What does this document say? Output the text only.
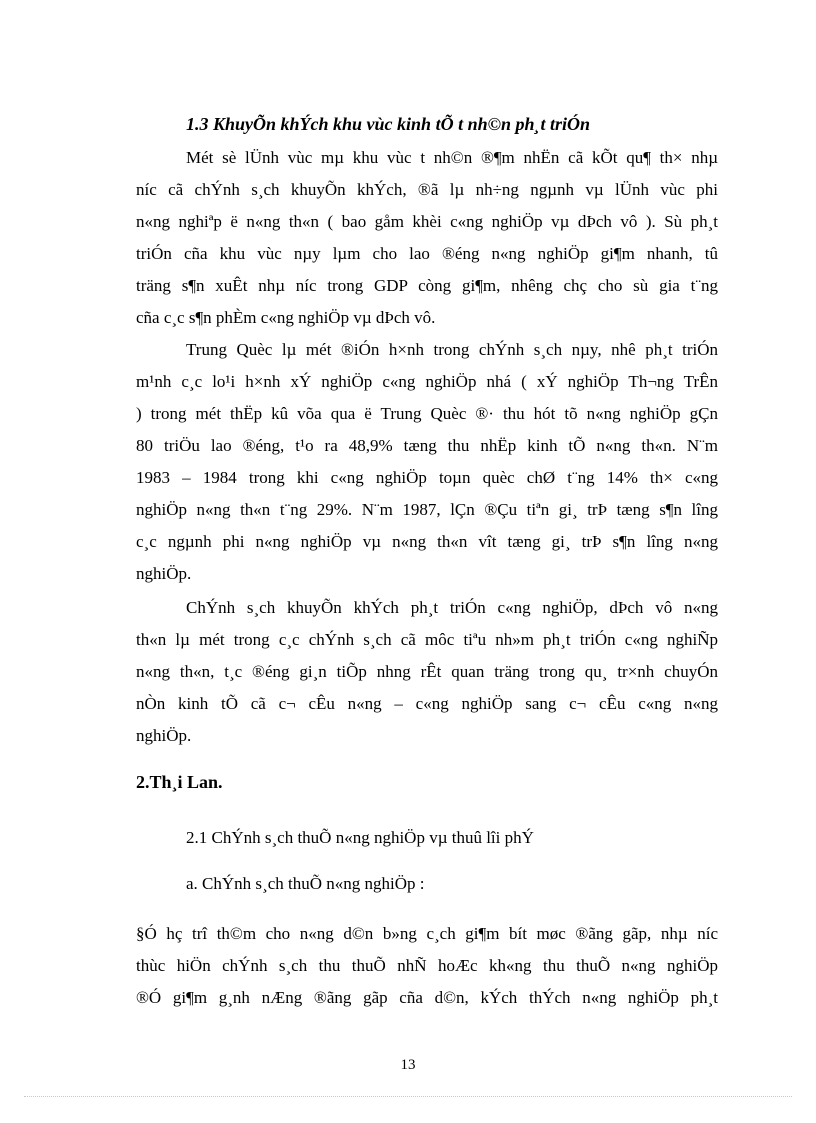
1.3 KhuyÕn khÝch khu vùc kinh tÕ t nh©n ph¸t triÓn
Mét sè lÜnh vùc mµ khu vùc t nh©n ®¶m nhËn cã kÕt qu¶ th× nhµ
níc cã chÝnh s¸ch khuyÕn khÝch, ®ã lµ nh÷ng ngµnh vµ lÜnh vùc phi
n«ng nghiªp ë n«ng th«n ( bao gåm khèi c«ng nghiÖp vµ dÞch vô ). Sù ph¸t
triÓn cña khu vùc nµy lµm cho lao ®éng n«ng nghiÖp gi¶m nhanh, tû
träng s¶n xuÊt nhµ níc trong GDP còng gi¶m, nhêng chç cho sù gia t¨ng
cña c¸c s¶n phÈm c«ng nghiÖp vµ dÞch vô.
Trung Quèc lµ mét ®iÓn h×nh trong chÝnh s¸ch nµy, nhê ph¸t triÓn
m¹nh c¸c lo¹i h×nh xÝ nghiÖp c«ng nghiÖp nhá ( xÝ nghiÖp Th¬ng TrÊn
) trong mét thËp kû võa qua ë Trung Quèc ®· thu hót tõ n«ng nghiÖp gÇn
80 triÖu lao ®éng, t¹o ra 48,9% tæng thu nhËp kinh tÕ n«ng th«n. N¨m
1983 – 1984 trong khi c«ng nghiÖp toµn quèc chØ t¨ng 14% th× c«ng
nghiÖp n«ng th«n t¨ng 29%. N¨m 1987, lÇn ®Çu tiªn gi¸ trÞ tæng s¶n lîng
c¸c ngµnh phi n«ng nghiÖp vµ n«ng th«n vît tæng gi¸ trÞ s¶n lîng n«ng
nghiÖp.
ChÝnh s¸ch khuyÕn khÝch ph¸t triÓn c«ng nghiÖp, dÞch vô n«ng
th«n lµ mét trong c¸c chÝnh s¸ch cã môc tiªu nh»m ph¸t triÓn c«ng nghiÑp
n«ng th«n, t¸c ®éng gi¸n tiÕp nhng rÊt quan träng trong qu¸ tr×nh chuyÓn
nÒn kinh tÕ cã c¬ cÊu n«ng – c«ng nghiÖp sang c¬ cÊu c«ng n«ng
nghiÖp.
2.Th¸i Lan.
2.1 ChÝnh s¸ch thuÕ n«ng nghiÖp vµ thuû lîi phÝ
a. ChÝnh s¸ch thuÕ n«ng nghiÖp :
§Ó hç trî th©m cho n«ng d©n b»ng c¸ch gi¶m bít møc ®ãng gãp, nhµ níc
thùc hiÖn chÝnh s¸ch thu thuÕ nhÑ hoÆc kh«ng thu thuÕ n«ng nghiÖp
®Ó gi¶m g¸nh nÆng ®ãng gãp cña d©n, kÝch thÝch n«ng nghiÖp ph¸t
13
